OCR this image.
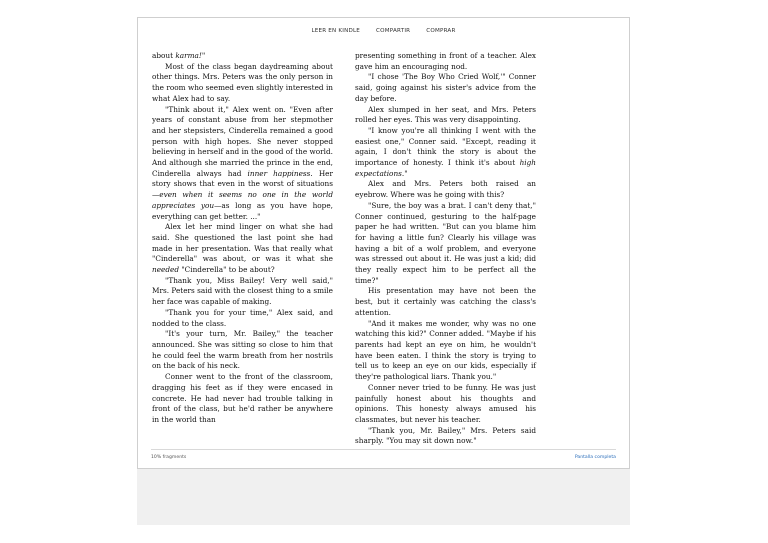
LEER EN KINDLE	COMPARTIR	COMPRAR

about karma!"

Most of the class began daydreaming about other things. Mrs. Peters was the only person in the room who seemed even slightly interested in what Alex had to say.

"Think about it," Alex went on. "Even after years of constant abuse from her stepmother and her stepsisters, Cinderella remained a good person with high hopes. She never stopped believing in herself and in the good of the world. And although she married the prince in the end, Cinderella always had inner happiness. Her story shows that even in the worst of situations—even when it seems no one in the world appreciates you—as long as you have hope, everything can get better. ..."

Alex let her mind linger on what she had said. She questioned the last point she had made in her presentation. Was that really what "Cinderella" was about, or was it what she needed "Cinderella" to be about?

"Thank you, Miss Bailey! Very well said," Mrs. Peters said with the closest thing to a smile her face was capable of making.

"Thank you for your time," Alex said, and nodded to the class.

"It's your turn, Mr. Bailey," the teacher announced. She was sitting so close to him that he could feel the warm breath from her nostrils on the back of his neck.

Conner went to the front of the classroom, dragging his feet as if they were encased in concrete. He had never had trouble talking in front of the class, but he'd rather be anywhere in the world than

presenting something in front of a teacher. Alex gave him an encouraging nod.

"I chose 'The Boy Who Cried Wolf,'" Conner said, going against his sister's advice from the day before.

Alex slumped in her seat, and Mrs. Peters rolled her eyes. This was very disappointing.

"I know you're all thinking I went with the easiest one," Conner said. "Except, reading it again, I don't think the story is about the importance of honesty. I think it's about high expectations."

Alex and Mrs. Peters both raised an eyebrow. Where was he going with this?

"Sure, the boy was a brat. I can't deny that," Conner continued, gesturing to the half-page paper he had written. "But can you blame him for having a little fun? Clearly his village was having a bit of a wolf problem, and everyone was stressed out about it. He was just a kid; did they really expect him to be perfect all the time?"

His presentation may have not been the best, but it certainly was catching the class's attention.

"And it makes me wonder, why was no one watching this kid?" Conner added. "Maybe if his parents had kept an eye on him, he wouldn't have been eaten. I think the story is trying to tell us to keep an eye on our kids, especially if they're pathological liars. Thank you."

Conner never tried to be funny. He was just painfully honest about his thoughts and opinions. This honesty always amused his classmates, but never his teacher.

"Thank you, Mr. Bailey," Mrs. Peters said sharply. "You may sit down now."

10% fragments	Pantalla completa
